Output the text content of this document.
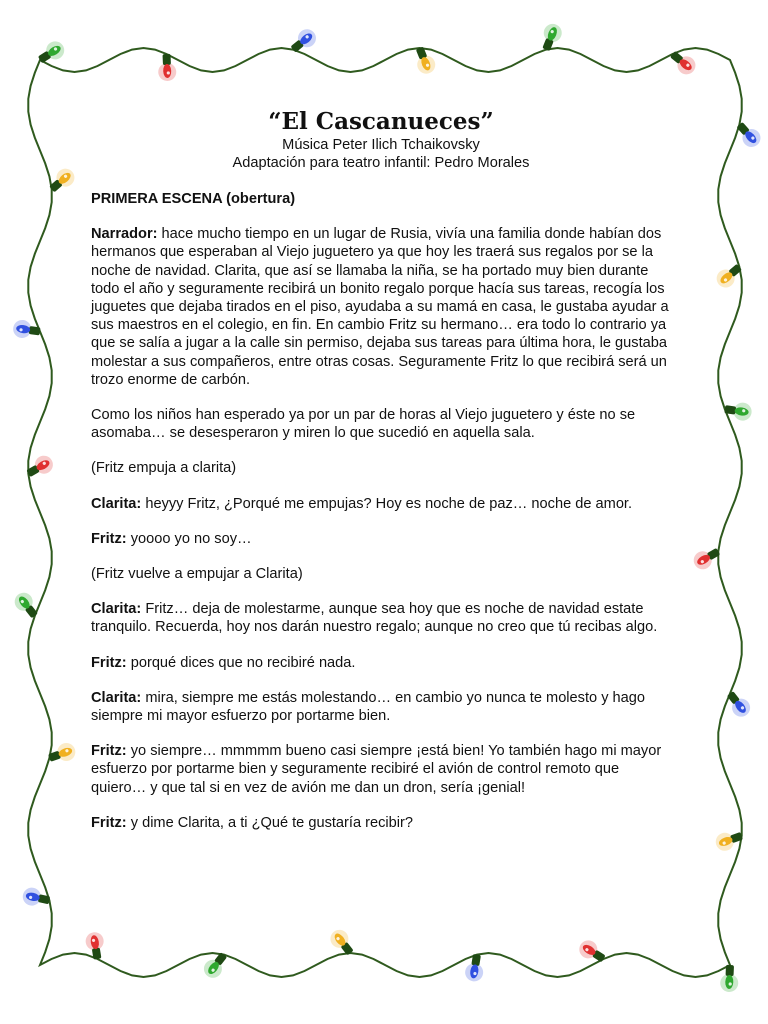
“El Cascanueces”
Música Peter Ilich Tchaikovsky
Adaptación para teatro infantil: Pedro Morales

PRIMERA ESCENA (obertura)

Narrador: hace mucho tiempo en un lugar de Rusia, vivía una familia donde habían dos hermanos que esperaban al Viejo juguetero ya que hoy les traerá sus regalos por se la noche de navidad. Clarita, que así se llamaba la niña, se ha portado muy bien durante todo el año y seguramente recibirá un bonito regalo porque hacía sus tareas, recogía los juguetes que dejaba tirados en el piso, ayudaba a su mamá en casa, le gustaba ayudar a sus maestros en el colegio, en fin. En cambio Fritz su hermano… era todo lo contrario ya que se salía a jugar a la calle sin permiso, dejaba sus tareas para última hora, le gustaba molestar a sus compañeros, entre otras cosas. Seguramente Fritz lo que recibirá será un trozo enorme de carbón.

Como los niños han esperado ya por un par de horas al Viejo juguetero y éste no se asomaba… se desesperaron y miren lo que sucedió en aquella sala.

(Fritz empuja a clarita)

Clarita: heyyy Fritz, ¿Porqué me empujas? Hoy es noche de paz… noche de amor.

Fritz: yoooo yo no soy…

(Fritz vuelve a empujar a Clarita)

Clarita: Fritz… deja de molestarme, aunque sea hoy que es noche de navidad estate tranquilo. Recuerda, hoy nos darán nuestro regalo; aunque no creo que tú recibas algo.

Fritz: porqué dices que no recibiré nada.

Clarita: mira, siempre me estás molestando… en cambio yo nunca te molesto y hago siempre mi mayor esfuerzo por portarme bien.

Fritz: yo siempre… mmmmm bueno casi siempre ¡está bien! Yo también hago mi mayor esfuerzo por portarme bien y seguramente recibiré el avión de control remoto que quiero… y que tal si en vez de avión me dan un dron, sería ¡genial!

Fritz: y dime Clarita, a ti ¿Qué te gustaría recibir?
